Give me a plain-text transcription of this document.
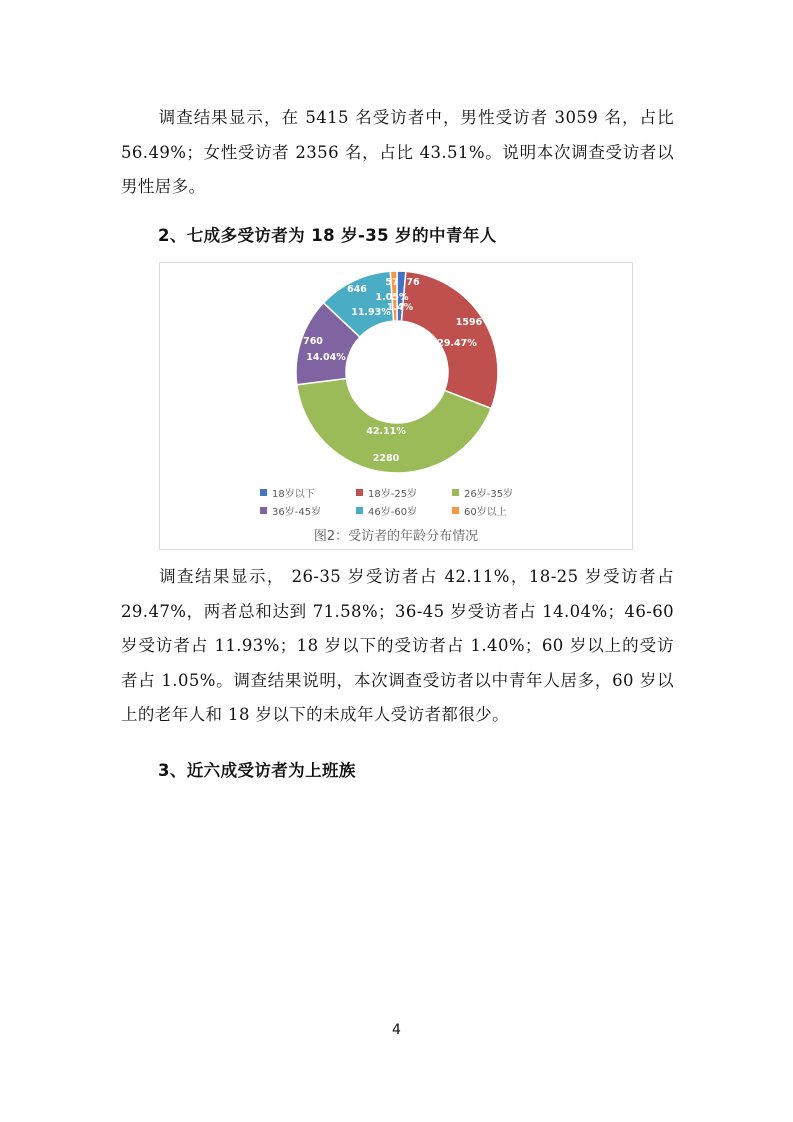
调查结果显示，在 5415 名受访者中，男性受访者 3059 名，占比 56.49%；女性受访者 2356 名，占比 43.51%。说明本次调查受访者以男性居多。

2、七成多受访者为 18 岁-35 岁的中青年人

76
1.4%
1596
29.47%
2280
42.11%
760
14.04%
646
11.93%
57
1.05%
18岁以下	18岁-25岁	26岁-35岁
36岁-45岁	46岁-60岁	60岁以上
图2：受访者的年龄分布情况

调查结果显示， 26-35 岁受访者占 42.11%，18-25 岁受访者占 29.47%，两者总和达到 71.58%；36-45 岁受访者占 14.04%；46-60 岁受访者占 11.93%；18 岁以下的受访者占 1.40%；60 岁以上的受访者占 1.05%。调查结果说明，本次调查受访者以中青年人居多，60 岁以上的老年人和 18 岁以下的未成年人受访者都很少。

3、近六成受访者为上班族

4
